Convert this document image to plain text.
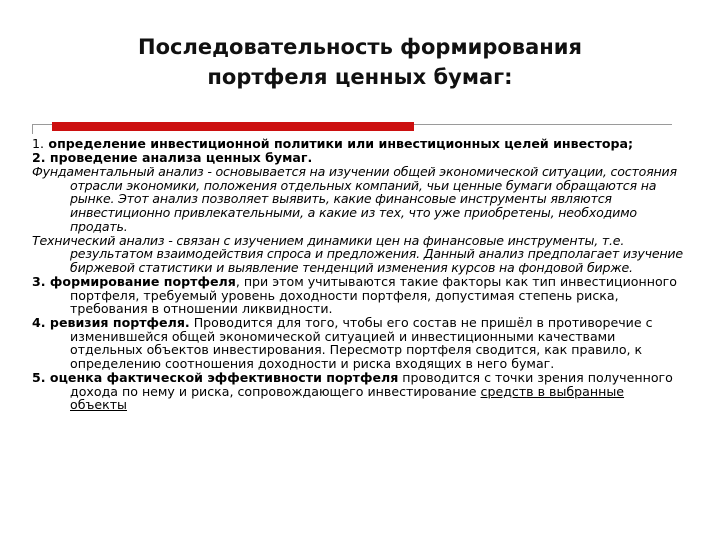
Последовательность формирования
портфеля ценных бумаг:

1. определение инвестиционной политики или инвестиционных целей инвестора;

2. проведение анализа ценных бумаг.

Фундаментальный анализ - основывается на изучении общей экономической ситуации, состояния отрасли экономики, положения отдельных компаний, чьи ценные бумаги обращаются на рынке. Этот анализ позволяет выявить, какие финансовые инструменты являются инвестиционно привлекательными, а какие из тех, что уже приобретены, необходимо продать.

Технический анализ - связан с изучением динамики цен на финансовые инструменты, т.е. результатом взаимодействия спроса и предложения. Данный анализ предполагает изучение биржевой статистики и выявление тенденций изменения курсов на фондовой бирже.

3. формирование портфеля, при этом учитываются такие факторы как тип инвестиционного портфеля, требуемый уровень доходности портфеля, допустимая степень риска, требования в отношении ликвидности.

4. ревизия портфеля. Проводится для того, чтобы его состав не пришёл в противоречие с изменившейся общей экономической ситуацией и инвестиционными качествами отдельных объектов инвестирования. Пересмотр портфеля сводится, как правило, к определению соотношения доходности и риска входящих в него бумаг.

5. оценка фактической эффективности портфеля проводится с точки зрения полученного дохода по нему и риска, сопровождающего инвестирование средств в выбранные объекты
